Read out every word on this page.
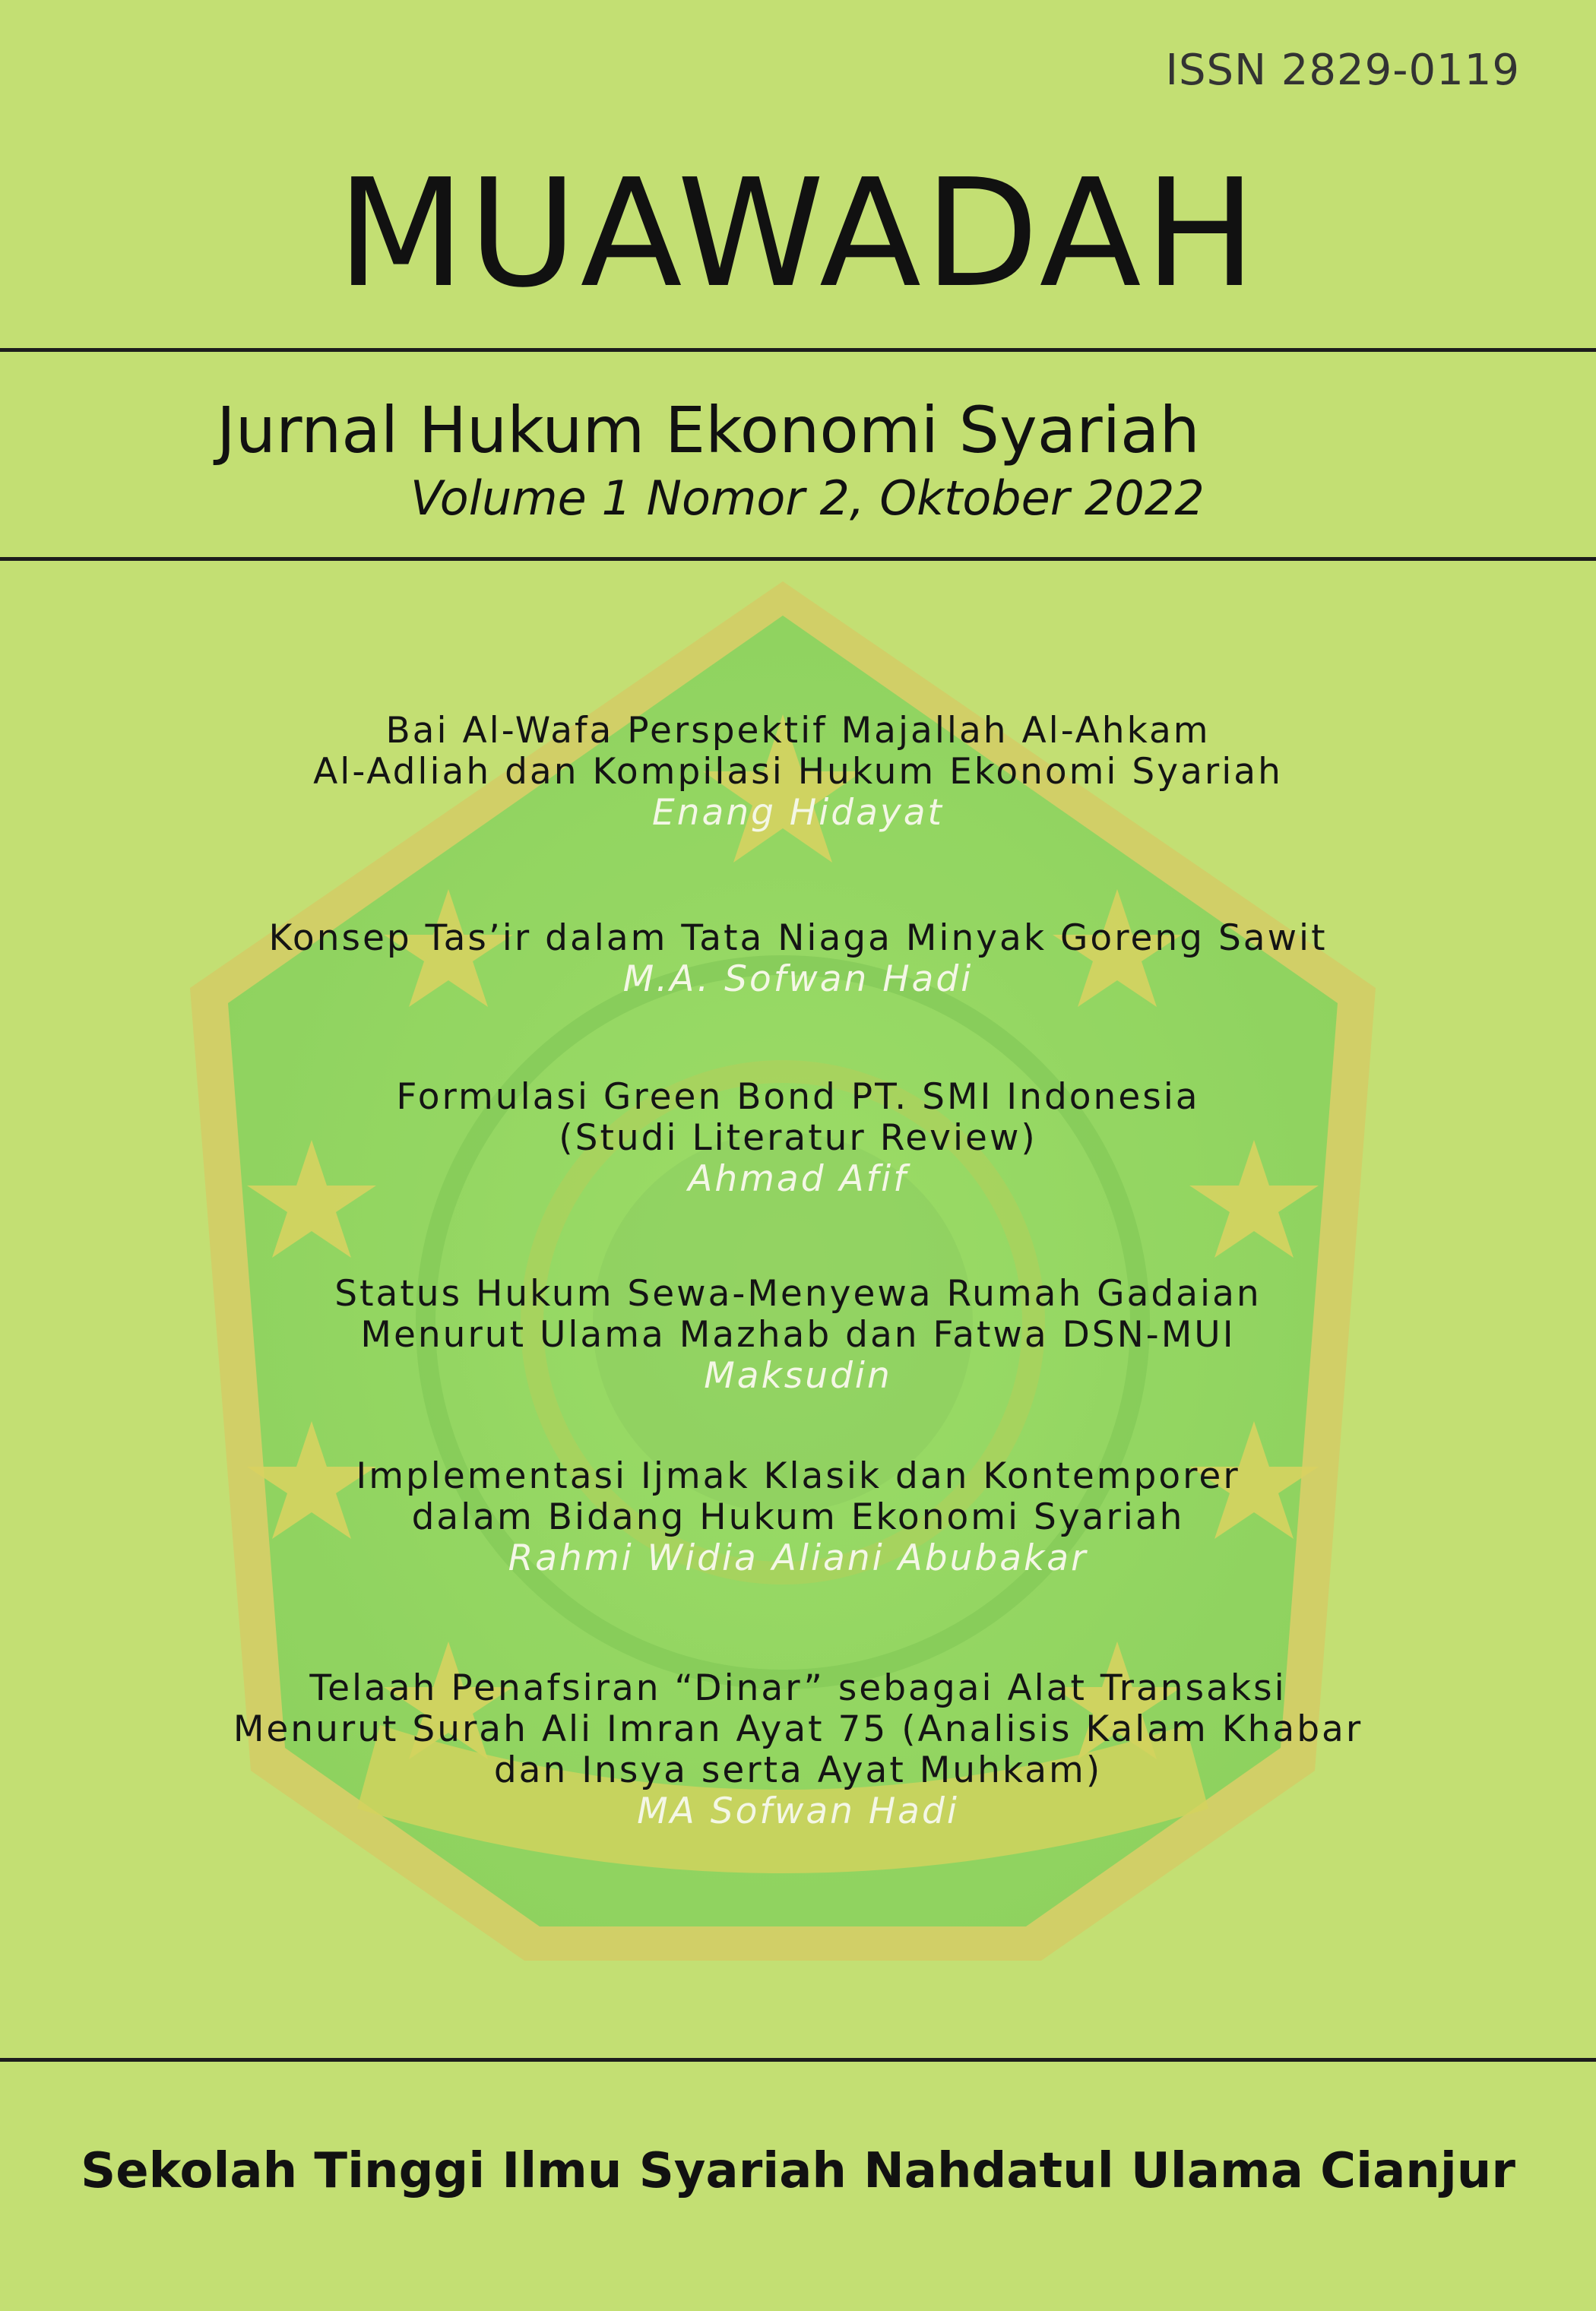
ISSN 2829-0119
MUAWADAH
Jurnal Hukum Ekonomi Syariah
Volume 1 Nomor 2, Oktober 2022
Bai Al-Wafa Perspektif Majallah Al-Ahkam
Al-Adliah dan Kompilasi Hukum Ekonomi Syariah
Enang Hidayat
Konsep Tas’ir dalam Tata Niaga Minyak Goreng Sawit
M.A. Sofwan Hadi
Formulasi Green Bond PT. SMI Indonesia
(Studi Literatur Review)
Ahmad Afif
Status Hukum Sewa-Menyewa Rumah Gadaian
Menurut Ulama Mazhab dan Fatwa DSN-MUI
Maksudin
Implementasi Ijmak Klasik dan Kontemporer
dalam Bidang Hukum Ekonomi Syariah
Rahmi Widia Aliani Abubakar
Telaah Penafsiran “Dinar” sebagai Alat Transaksi
Menurut Surah Ali Imran Ayat 75 (Analisis Kalam Khabar
dan Insya serta Ayat Muhkam)
MA Sofwan Hadi
Sekolah Tinggi Ilmu Syariah Nahdatul Ulama Cianjur
